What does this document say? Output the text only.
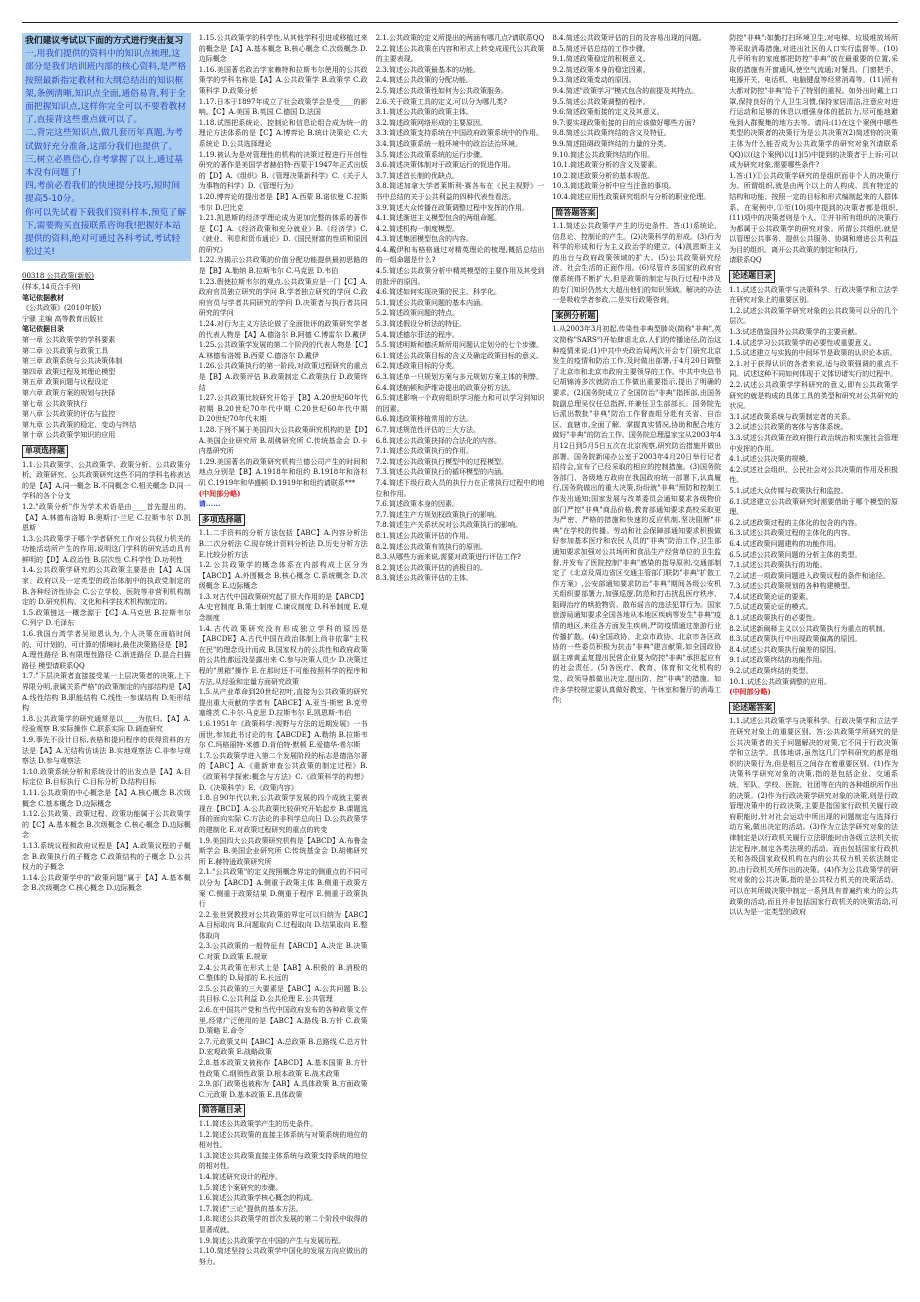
我们建议考试以下面的方式进行突击复习

一,用我们提供的资料中的知识点梳理,这部分是我们培训班内部的核心资料,是严格按照最新指定教材和大纲总结出的知识框架,条例清晰,知识点全面,通俗易背,利于全面把握知识点,这样你完全可以不要看教材了,直接背这些重点就可以了。

二,背完这些知识点,做几套历年真题,为考试做好充分准备,这部分我们也提供了。

三,树立必胜信心,自考掌握了以上,通过基本没有问题了!

四,考前必看我们的快速提分技巧,短时间提高5-10分。

你可以先试着下载我们资料样本,预览了解下,需要购买直接联系咨询我!把握好本站提供的资料,绝对可通过各科考试,考试轻松过关!

00318 公共政策(新版)

(样本,14页合手列)

笔记依据教材

《公共政策》(2010年版)

宁骚 主编 高等教育出版社

笔记依据目录

第一章 公共政策学的学科要素

第二章 公共政策与政策工具

第三章 政策系统与公共决策体制

第四章 政策过程及其理论模型

第五章 政策问题与议程设定

第六章 政策方案的规划与抉择

第七章 公共政策执行

第八章 公共政策的评估与监控

第九章 公共政策的稳定、变动与终结

第十章 公共政策学知识的应用

单项选择题

1.1.公共政策学、公共政策学、政策分析、公共政策分析、政策研究、公共政策研究这些不同的学科名称表达的是【A】A.同一概念 B.不同概念 C.相关概念 D.同一学科的各个分支

1.2."政策分析"作为学术术语是由____首先提出的。【A】A.林德布洛姆 B.奥斯汀·兰尼 C.拉斯韦尔 D.凯恩斯

1.3.公共政策学于哪个学者研究工作对公共权力机关的功能活动所产生的作用,说明这门学科的研究活动具有鲜明的【D】A.政治性 B.层次性 C.科学性 D.功利性

1.4.公共政策学研究的公共政策主要是由【A】A.国家、政府以及一定类型的政治体制中的执政党制定的 B.各种经济性协会 C.公立学校、医院等非营利机构制定的 D.研究机构、文化和科学技术机构制定的。

1.5.政策链这一概念源于【C】A.马克思 B.拉斯韦尔 C.列宁 D.毛泽东

1.6.我国台湾学者吴琼恩认为,个人决策在面临时间的、可计划的、可计算的情境时,最佳决策路径是【B】A.理性路径 B.有限理性路径 C.渐进路径 D.混合扫描路径 模型请联系QQ

1.7."下层决策者直接接受某一上层决策者的决策,上下界限分明,隶属关系严格"的政策制定的内部结构是【A】A.线性结构 B.职能结构 C.线性一参谋结构 D.矩形结构

1.8.公共政策学的研究通常是以____为依归。【A】A.经验观察 B.实际操作 C.联系实际 D.调查研究

1.9.事先不设计目标,表格和提问程序的获得资料的方法是【A】A.无结构访谈法 B.实地观察法 C.非参与观察法 D.参与观察法

1.10.政策系统分析和系统设计的出发点是【A】A.目标定位 B.目标执行 C.目标分析 D.结构目标

1.11.公共政策的中心概念是【A】A.核心概念 B.次级概念 C.基本概念 D.边际概念

1.12.公共政策、政策过程、政策功能属于公共政策学的【C】A.基本概念 B.次级概念 C.核心概念 D.边际概念

1.13.系统议程和政府议程是【A】A.政策议程的子概念 B.政策执行的子概念 C.政策结构的子概念 D.公共权力的子概念

1.14.公共政策学中的"政策问题"属于【A】A.基本概念 B.次级概念 C.核心概念 D.边际概念

1.15.公共政策学的科学性,从其他学科引进或移植过来的概念是【A】A.基本概念 B.核心概念 C.次级概念 D.边际概念

1.16.美国著名政治学家赖特和拉斯韦尔使用的公共政策学的学科名称是【A】A.公共政策学 B.政策学 C.政策科学 D.政策分析

1.17.日本于1897年成立了社会政策学会是受____的影响。【C】A.美国 B.英国 C.德国 D.法国

1.18.试图把系统论、控制论和信息论组合成为统一的理论方法体系的是【C】A.博弈论 B.统计决策论 C.大系统论 D.公共选择理论

1.19.被认为是对管理性的机构的决策过程进行开创性研究的著作是美国学者赫伯特·西蒙于1947年正式出版的【D】A.《组织》B.《管理决策新科学》C.《关于人为事物的科学》D.《管理行为》

1.20.博弈论的提出者是【B】A.西蒙 B.诺依曼 C.拉斯韦尔 D.巴比克

1.21.凯恩斯的经济学理论成为更加完整的体系的著作是【C】A.《经济政策和充分就业》B.《经济学》C.《就业、利息和货币通论》D.《国民财富的性质和原因的研究》

1.22.为揭示公共政策的价值分配功能提供最初思路的是【B】A.勒纳 B.拉斯韦尔 C.马克思 D.韦伯

1.23.假使拉斯韦尔的观点,公共政策应是一门【C】A.政府官员独立研究的学问 B.学者独立研究的学问 C.政府官员与学者共同研究的学问 D.决策者与执行者共同研究的学问

1.24.对行为主义方法论做了全面批评的政策研究学者的代表人物是【A】A.德洛尔 B.阿德 C.博雷尔 D.戴伊

1.25.公共政策学发展的第二个阶段的代表人物是【C】A.林德布洛姆 B.西蒙 C.德洛尔 D.戴伊

1.26.公共政策执行的第一阶段,对政策过程研究的重点是【B】A.政策评估 B.政策制定 C.政策执行 D.政策终结

1.27.公共政策比较研究开始于【B】A.20世纪60年代初期 B.20世纪70年代中期 C.20世纪60年代中期 D.20世纪70年代末期

1.28.下列不属于美国四大公共政策研究机构的是【D】A.美国企业研究所 B.胡佛研究所 C.传统基金会 D.卡内基研究所

1.29.美国著名的政策研究机构兰德公司产生的时间和地点分别是【B】A.1918年和纽约 B.1918年和洛杉矶 C.1919年和华盛顿 D.1919年和纽约请联系***

(中间部分略)

请......

多项选择题

1.1.二手资料的分析方法包括【ABC】A.内容分析法 B.二次分析法 C.现存统计资料分析法 D.历史分析方法 E.比较分析方法

1.2.公共政策学的概念体系在内部构成上区分为【ABCD】A.外围概念 B.核心概念 C.系统概念 D.次级概念 E.边际概念

1.3.对古代中国政策研究起了很大作用的是【ABCD】A.史官制度 B.策士制度 C.谏议制度 D.科举制度 E.观念制度

1.4.古代政策研究没有形成独立学科的原因是【ABCDE】A.古代中国在政治体制上尚非依靠"主权在民"的理念设计而成 B.国家权力的公共性和政府政策的公共性都远没显露出来 C.参与决策人员少 D.决策过程的"黑箱"操作 E.在那时还不可能按照科学的程序和方法,从经验和定量方面研究政策

1.5.从产业革命到20世纪初叶,直接为公共政策的研究提出重大贡献的学者有【ABCE】A.亚当·斯密 B.克劳塞维茨 C.卡尔·马克思 D.拉斯韦尔 E.凯恩斯·韦伯

1.6.1951年《政策科学:视野与方法的近期发展》一书面世,参加此书讨论的有【ABCDE】A.勒纳 B.拉斯韦尔 C.玛格丽特·米德 D.肯伯特·默顿 E.爱德华·希尔斯

1.7.公共政策学进入第二个发展阶段的标志是德洛尔著的【ABC】A.《重新审查公共政策的制定过程》B.《政策科学探索:概念与方法》C.《政策科学的构想》D.《决策科学》E.《政策内容》

1.8.自90年代以来,公共政策学发展的四个成就主要表现在【BCD】A.公共政策比较研究开始起步 B.课题选择的面向实际 C.方法论的非科学总向日 D.公共政策学的建制化 E.对政策过程研究的重点的转变

1.9.美国四大公共政策研究机构是【ABCD】A.布鲁金斯学会 B.美国企业研究所 C.传统基金会 D.胡佛研究所 E.赫特逊政策研究所

2.1."公共政策"的定义按照概念界定的侧重点的不同可以分为【ABCD】A.侧重于政策主体 B.侧重于政策方案 C.侧重于政策结果 D.侧重于程序 E.侧重于政策执行

2.2.张世贤教授对公共政策的界定可以归纳为【ABC】A.目标取向 B.问题取向 C.过程取向 D.结果取向 E.整体取向

2.3.公共政策的一般特征有【ABCD】A.决定 B.决策 C.对策 D.政策 E.规章

2.4.公共政策在形式上是【AB】A.积极的 B.消极的 C.整体的 D.局部的 E.长远的

2.5.公共政策的三大要素是【ABC】A.公共问题 B.公共目标 C.公共利益 D.公共伦理 E.公共管理

2.6.在中国共产党和当代中国政府发布的各种政策文件里,经常广泛使用的是【ABC】A.路线 B.方针 C.政策 D.策略 E.命令

2.7.元政策又叫【ABC】A.总政策 B.总路线 C.总方针 D.宏观政策 E.战略政策

2.8.基本政策又被称作【ABCD】A.基本国策 B.方针性政策 C.纲领性政策 D.根本政策 E.战术政策

2.9.部门政策也被称为【AB】A.具体政策 B.方面政策 C.元政策 D.基本政策 E.具体政策

简答题目录

1.1.简述公共政策学产生的历史条件。

1.2.简述公共政策的直接主体系统与对策系统的地位的相对性。

1.3.简述公共政策直接主体系统与政策支持系统的地位的相对性。

1.4.简述研究设计的程序。

1.5.简述个案研究的步骤。

1.6.简述公共政策学核心概念的构成。

1.7.简述"三论"提供的基本方法。

1.8.简述公共政策学的首次发展的第二个阶段中取得的显著成就。

1.9.简述公共政策学在中国的产生与发展历程。

1.10.简述坚持公共政策学中国化的发展方向应做出的努力。

2.1.公共政策的定义所提出的两涵有哪几点?请联系QQ

2.2.简述公共政策在内容和形式上转变成现代公共政策的主要表现。

2.3.简述公共政策最基本的功能。

2.4.简述公共政策的分配功能。

2.5.简述公共政策性如何为公共政策服务。

2.6.关于政策工具的定义,可以分为哪几类?

3.1.简述公共政策的政策主体。

3.2.简述政策网络形成的主要原因。

3.3.简述政策支持系统在中国政府政策系统中的作用。

3.4.简述政策系统一般环境中的政治法治环境。

3.5.简述公共政策系统的运行步骤。

3.6.简述决策体制对于政策运行的促进作用。

3.7.简述首长制的优缺点。

3.8.简述加拿大学者莱斯利·赛各布在《民主视野》一书中总结的关于公共利益的四种代表性看法。

3.9.简述大众传播在政策调整过程中发挥的作用。

4.1.简述渐进主义模型包含的两组命题。

4.2.简述机构一制度模型。

4.3.简述集团模型包含的内容。

4.4.戴伊和布格格通过对精英理论的梳理,概括总结出的一组命题是什么?

4.5.简述公共政策分析中精英模型的主要作用及其受到的批评的原因。

4.6.简述如何实现决策的民主、科学化。

5.1.简述公共政策问题的基本内涵。

5.2.简述政策问题的特点。

5.3.简述假设分析法的特征。

5.4.简述德尔菲法的程序。

5.5.简述明斯和德沃斯所用问题认定划分的七个步骤。

6.1.简述公共政策目标的含义及确定政策目标的意义。

6.2.简述政策目标的分类。

6.3.简述单一只规划方案与多元规划方案主体的利弊。

6.4.简述帕顿和萨维奇提出的政策分析方法。

6.5.简述影响一个政府组织学习能力和可以学习到知识的因素。

6.6.简述政策移植常用的方法。

6.7.简述规范性评估的三大方法。

6.8.简述公共政策抉择的合法化的内容。

7.1.简述公共政策执行的作用。

7.2.简述公共政策执行模型中的过程模型。

7.3.简述公共政策执行的循环模型的内涵。

7.4.简述下级行政人员的执行力在正常执行过程中的地位和作用。

7.6.简述政策本身的因素。

7.7.简述生产方规划权政策执行的影响。

7.8.简述生产关系状况对公共政策执行的影响。

8.1.简述公共政策评估的作用。

8.2.简述公共政策有效执行的原则。

8.3.从哪些方面来说,需要对政策进行评估工作?

8.2.简述公共政策评估的消极目的。

8.3.简述公共政策评估的主体。

8.4.简述公共政策评估的目的及容易出现的问题。

8.5.简述评估总结的工作步骤。

9.1.简述政策稳定的积极意义。

9.2.简述政策本身的稳定因素。

9.3.简述政策变动的原因。

9.4.简述"政策学习"模式包含的前提及其特点。

9.5.简述公共政策调整的程序。

9.6.简述政策衔接的定义及其意义。

9.7.要实现政策衔接的目的应该做好哪些方面?

9.8.简述公共政策终结的含义及特征。

9.9.简述阻碍政策终结的力量的分类。

9.10.简述公共政策终结的作用。

10.1.简述政策分析的含义及要素。

10.2.简述政策分析的基本规范。

10.3.简述政策分析中应当注意的事项。

10.4.简述应用性政策研究组织与分析的职业伦理。

简答题答案

1.1.简述公共政策学产生的历史条件。答:(1)系统论、信息论、控制论的产生。(2)决策科学的形成。(3)行为科学的形成和行为主义政治学的建立。(4)凯恩斯主义的出台与政府政策领域的扩大。(5)公共政策研究经济、社会生活的正面作用。(6)尽管许多国家的政府官僚系统得不断扩大,但是政策的制定与执行过程中涉及的专门知识仍然大大超出他们的知识领域。解决的办法一是吸收学者参政,二是实行政策咨询。

案例分析题

1.从2003年3月初起,传染性非典型肺炎(简称"非典",英文简称"SARS")开始肆虐北京,人们的传播途径,防治这种疫情来说:(1)中共中央政治局两次开会专门研究北京发生的疫情和防治工作,及时做出部署,于4月20日调整了北京市和北京市政府主要领导的工作。中共中央总书记胡锦涛多次就防治工作做出重要指示,提出了明确的要求。(2)国务院成立了全国防治"非典"指挥部,由国务院副总理吴仪任总指挥,并兼任卫生部部长。国务院先后派出数批"非典"防治工作督查组分赴有关省、自治区、直辖市,全面了解、掌握真实情况,协助和配合地方做好"非典"的防治工作。国务院总理温家宝从2003年4月12日到5月5日五次在北京视察,研究防治措施并做出部署。国务院新闻办公室于2003年4月20日举行记者招待会,宣布了已经采取的相应的控制措施。(3)国务院各部门、各级地方政府在我国政府统一部署下,认真履行,国务院做出的重大决策,纷纷就"非典"预防和控制工作发出通知;国家发展与改革委员会通知要求各级物价部门严控"非典"商品价格,教育部通知要求高校采取更为严密、严格的措施和快速的反应机制,坚决阻断"非典"在学校的传播。劳动和社会保障部通知要求积极做好参加基本医疗和农民人员的"非典"防治工作,卫生部通知要求加强对公共场所和食品生产经营单位的卫生监督,并发布了医院控制"非典"感染的指导原则,交通部制定了《北京及周边省区交通主管部门联防"非典"扩散工作方案》,公安部通知要求防治"非典"期间各级公安机关组织要部署力,加强巡逻,防范和打击扰乱医疗秩序、阻碍治疗的哄抢物资、散布谣言的违法犯罪行为。国家旅游局通知要求全国各地从本地区疾病等发生"非典"疫情的地区,来往各方面发生疾病,严防疫情通过旅游行业传播扩散。(4)全国政协、北京市政协、北京市各区政协的一些委员积极为抗击"非典"建言献策,如全国政协副主席黄孟复提出民营企业要为防控"非典"承担起应有的社会责任。(5)各医疗、教育、体育和文化机构的党、政领导都做出决定,提出防、控"非典"的措施。如许多学校规定要认真做好教室、午休室和餐厅的消毒工作;

防控"非典":如勤打扫环境卫生,对电梯、垃圾堆放场所等采取消毒措施,对进出社区的人口实行监督等。(10)几乎所有的家庭都把防控"非典"放在最重要的位置,采取的措施有开窗通风,使空气流通;对餐具、门窗把手、电器开关、电话机、电脑键盘等经常消毒等。(11)所有大都对防控"非典"给予了特别的重视。如外出时戴上口罩,保持良好的个人卫生习惯,保持家居清洁,注意应对进行运动和足够的休息以增强身体的抵抗力,尽可能地避免到人群聚集的地方去等。请问:(1)在这个案例中哪些类型的决策者的决策行为是公共决策?(2)简述你的决策主体为什么能否成为公共政策学的研究对象?(请联系QQ)以(这个案例)以[1](5)中提到的决策者于上诉;可以成为研究对象,需要哪些条件?

1.答:(1)①公共政策学研究的是组织而非个人的决策行为。所谓组织,就是由两个以上的人构成、具有特定的结构和功能、按照一定的目标和形式编制起来的人群体系。在案例中,①至(10)项中提到的决策者都是组织,(11)项中的决策者则是个人。②并非所有组织的决策行为都属于公共政策学的研究对象。所谓公共组织,就是以管理公共事务、提供公共服务、协调和增进公共利益为目的组织。离开公共政策的制定和执行,

请联系QQ

论述题目录

1.1.试述公共政策学与决策科学、行政决策学和立法学在研究对象上的重要区别。

1.2.试述公共政策学研究对象的公共政策可以分的几个层次。

1.3.试述借鉴国外公共政策学的主要贡献。

1.4.试述学习公共政策学的必要性或重要意义。

1.5.试述建立与实践的中间环节是政策的认识论本质。

2.1.对于获得认识的各者来说,适与政策强调的重点不同。试述这种不同如何体现于文体切诸实行的过程中。

2.2.试述公共政策学学科研究的意义,即有公共政策学研究的就是构成的具体工具的类型和研究对公共研究的状况。

3.1.试述政策系统与政策制定者的关系。

3.2.试述公共政策的客体与客体系统。

3.3.试述公共政策在政府推行政治统治和实施社会管理中发挥的作用。

4.1.试述公共决策的规模。

4.2.试述社会组织、公民社会对公共决策的作用及积极性。

5.1.试述大众传媒与政策执行和监控。

6.1.试述建立公共政策研究时需要借助于哪个模型的原理。

6.2.试述政策过程的主体化的包含的内容。

6.3.试述公共政策过程的主体化的内容。

6.4.试述政策问题建构的功能作用。

6.5.试述公共政策问题的分析主体的类型。

7.1.试述公共政策执行的功能。

7.2.试述一项政策问题进入政策议程的条件和途径。

7.3.试述公共政策规划的各种构建模型。

7.4.试述政策论证的要素。

7.5.试述政策论证的模式。

8.1.试述政策执行的必要性。

8.2.试述新阐释主义以公共政策执行为重点的机制。

8.3.试述政策执行中出现政策偏离的原因。

8.4.试述公共政策执行偏差的原因。

9.1.试述政策终结的功能作用。

9.2.试述政策终结的类型。

10.1.试述公共政策调整的应用。

(中间部分略)

论述题答案

1.1.试述公共政策学与决策科学、行政决策学和立法学在研究对象上的重要区别。答:公共政策学所研究的是公共决策者的关于问题解决的对策,它不同于行政决策学和立法学。具体地讲,虽然这几门学科研究的都是组织的决策行为,但是相互之间存在着重要区别。(1)作为决策科学研究对象的决策,指的是包括企业、交通系统、军队、学校、医院、社团等在内的各种组织所作出的决策。(2)作为行政决策学研究对象的决策,则是行政管理决策中的行政决策,主要是指国家行政机关履行政府职能时,针对社会运动中所出现的问题制定与选择行动方案,做出决定的活动。(3)作为立法学研究对象的法律制定是以行政机关履行立法职能时由各级立法机关依法定程序,制定各类法规的活动。而由包括国家行政机关和各级国家政权机构在内的公共权力机关依法制定的,由行政机关所作出的决策。(4)作为公共政策学的研究对象的公共决策,指的是公共权力机关的决策活动。可以在其所做决策中制定一系列具有普遍约束力的公共政策的活动,而且并非包括国家行政机关的决策活动,可以认为是一定类型的政府
